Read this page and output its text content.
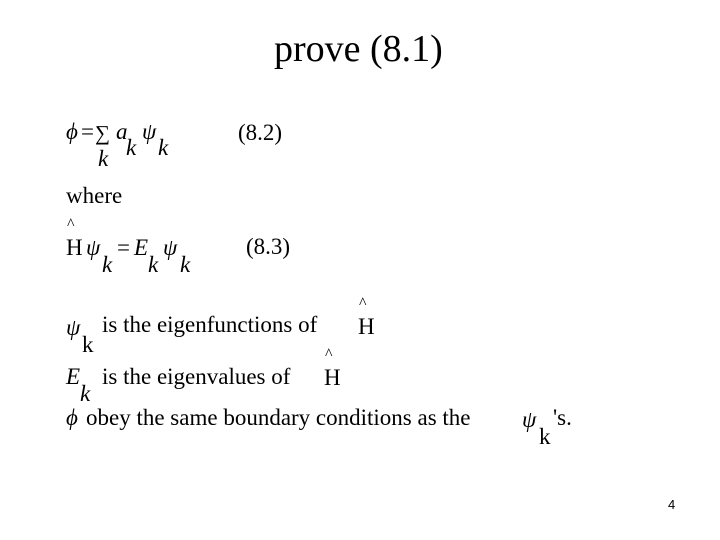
prove (8.1)
ϕ = ∑ a
k
ψ
k
k
(8.2)
where
^
H ψ
k
= E
k
ψ
k
(8.3)
ψ
k
is the eigenfunctions of
^
H
E
k
is the eigenvalues of
^
H
ϕ obey the same boundary conditions as the ψ
k
's.
4
